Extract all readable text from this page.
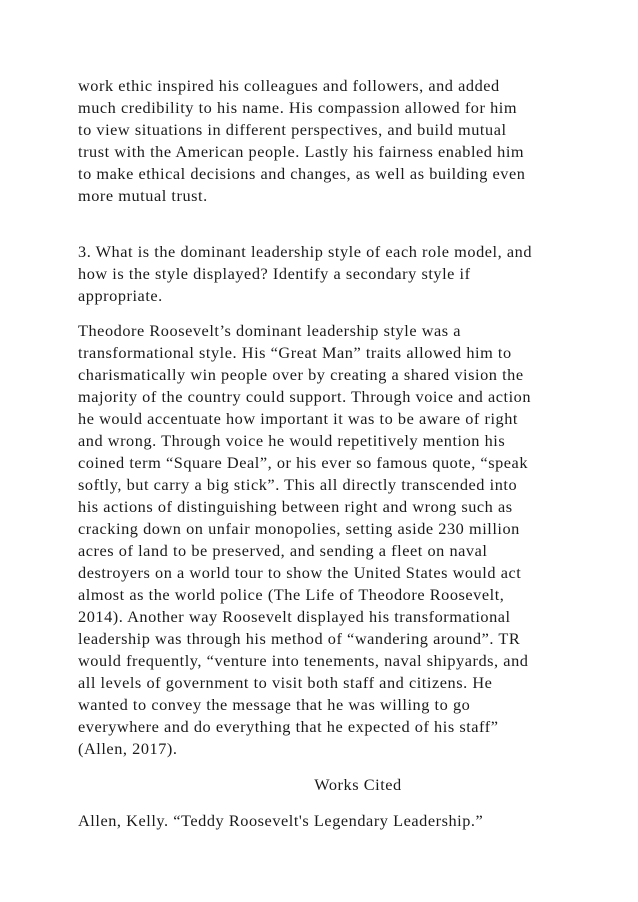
work ethic inspired his colleagues and followers, and added
much credibility to his name. His compassion allowed for him
to view situations in different perspectives, and build mutual
trust with the American people. Lastly his fairness enabled him
to make ethical decisions and changes, as well as building even
more mutual trust.
3. What is the dominant leadership style of each role model, and
how is the style displayed? Identify a secondary style if
appropriate.
Theodore Roosevelt’s dominant leadership style was a
transformational style. His “Great Man” traits allowed him to
charismatically win people over by creating a shared vision the
majority of the country could support. Through voice and action
he would accentuate how important it was to be aware of right
and wrong. Through voice he would repetitively mention his
coined term “Square Deal”, or his ever so famous quote, “speak
softly, but carry a big stick”. This all directly transcended into
his actions of distinguishing between right and wrong such as
cracking down on unfair monopolies, setting aside 230 million
acres of land to be preserved, and sending a fleet on naval
destroyers on a world tour to show the United States would act
almost as the world police (The Life of Theodore Roosevelt,
2014). Another way Roosevelt displayed his transformational
leadership was through his method of “wandering around”. TR
would frequently, “venture into tenements, naval shipyards, and
all levels of government to visit both staff and citizens. He
wanted to convey the message that he was willing to go
everywhere and do everything that he expected of his staff”
(Allen, 2017).
Works Cited
Allen, Kelly. “Teddy Roosevelt's Legendary Leadership.”
